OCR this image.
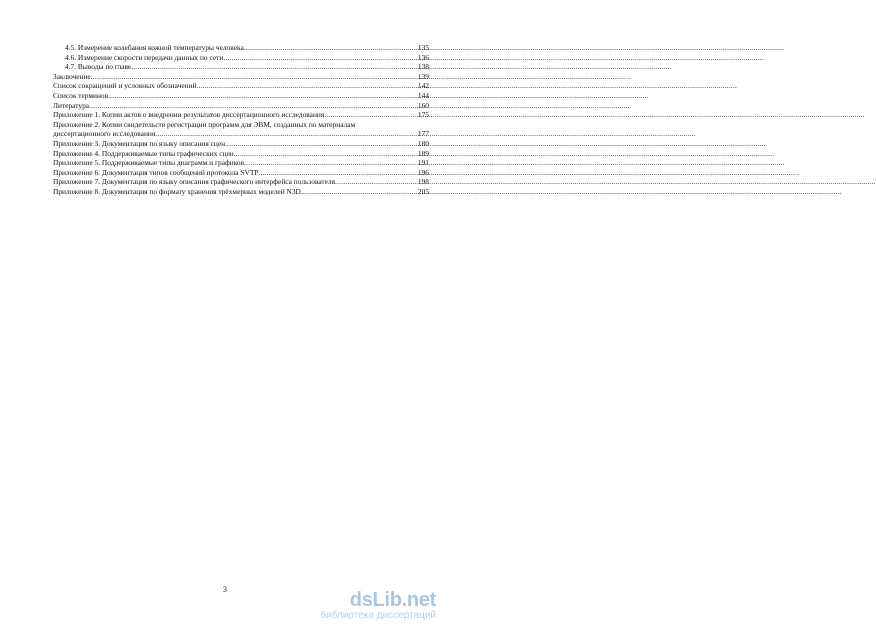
4.5. Измерение колебания кожной температуры человека .....	135
4.6. Измерение скорости передачи данных по сети .....	136
4.7. Выводы по главе .....	138
Заключение .....	139
Список сокращений и условных обозначений .....	142
Список терминов .....	144
Литература .....	160
Приложение 1. Копии актов о внедрении результатов диссертационного исследования .....	175
Приложение 2. Копии свидетельств регистрации программ для ЭВМ, созданных по материалам
диссертационного исследования .....	177
Приложение 3. Документация по языку описания сцен .....	180
Приложение 4. Поддерживаемые типы графических сцен .....	189
Приложение 5. Поддерживаемые типы диаграмм и графиков .....	191
Приложение 6. Документация типов сообщений протокола SVTP .....	196
Приложение 7. Документация по языку описания графического интерфейса пользователя .....	198
Приложение 8. Документация по формату хранения трёхмерных моделей N3D .....	205
3	dsLib.net
библиотека диссертаций
